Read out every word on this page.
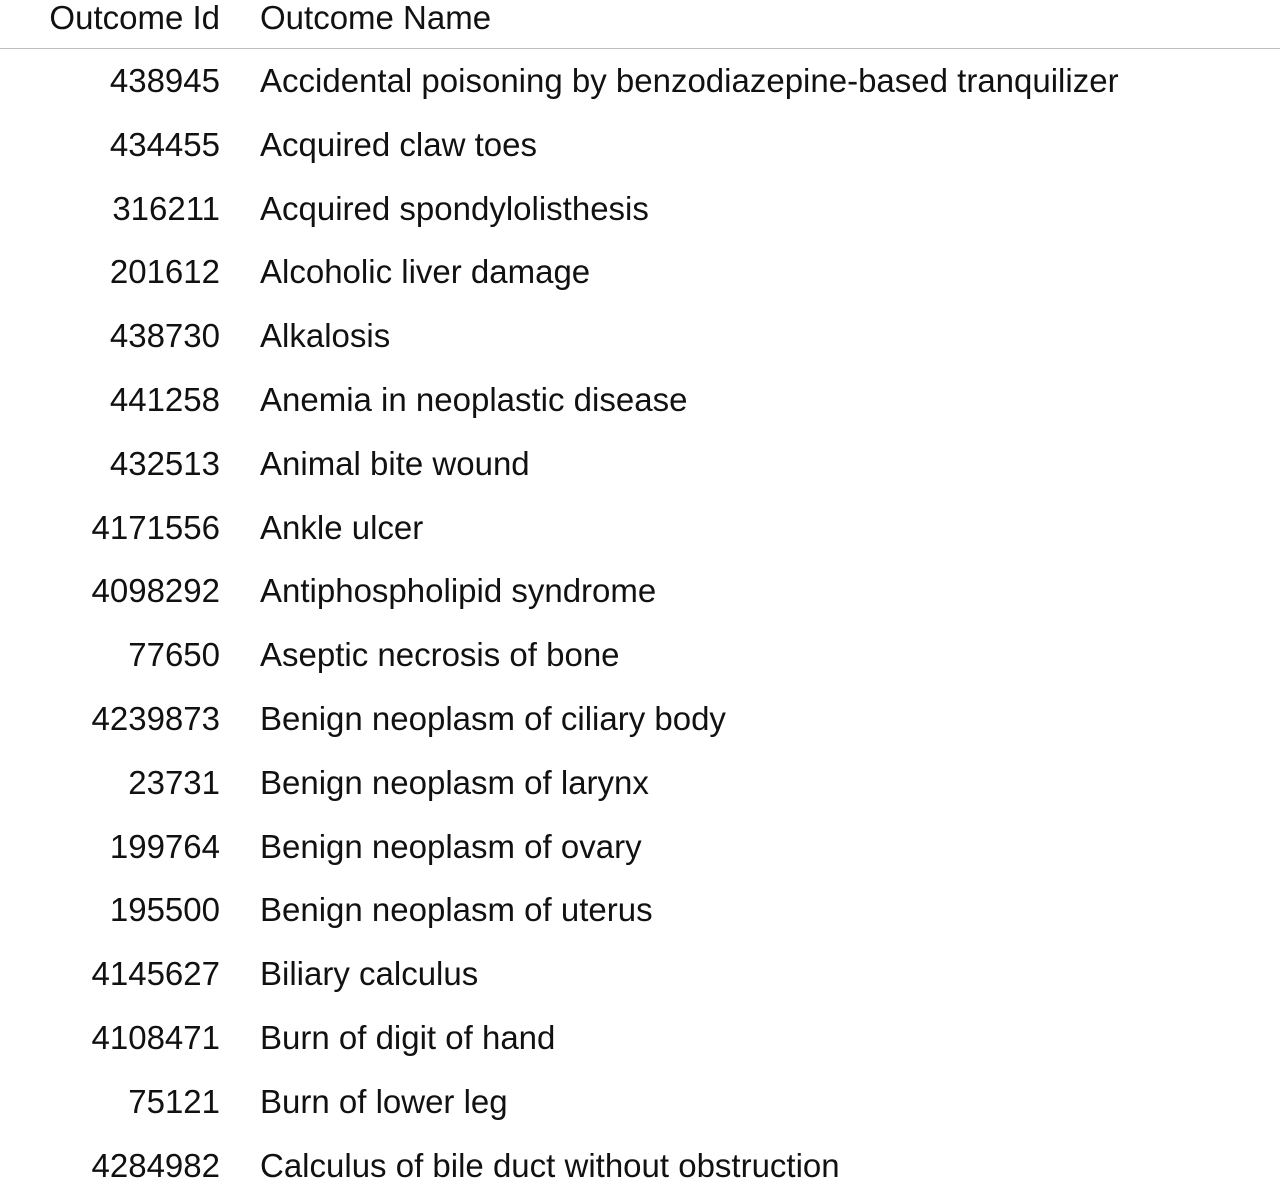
Outcome Id Outcome Name
438945 Accidental poisoning by benzodiazepine-based tranquilizer
434455 Acquired claw toes
316211 Acquired spondylolisthesis
201612 Alcoholic liver damage
438730 Alkalosis
441258 Anemia in neoplastic disease
432513 Animal bite wound
4171556 Ankle ulcer
4098292 Antiphospholipid syndrome
77650 Aseptic necrosis of bone
4239873 Benign neoplasm of ciliary body
23731 Benign neoplasm of larynx
199764 Benign neoplasm of ovary
195500 Benign neoplasm of uterus
4145627 Biliary calculus
4108471 Burn of digit of hand
75121 Burn of lower leg
4284982 Calculus of bile duct without obstruction
